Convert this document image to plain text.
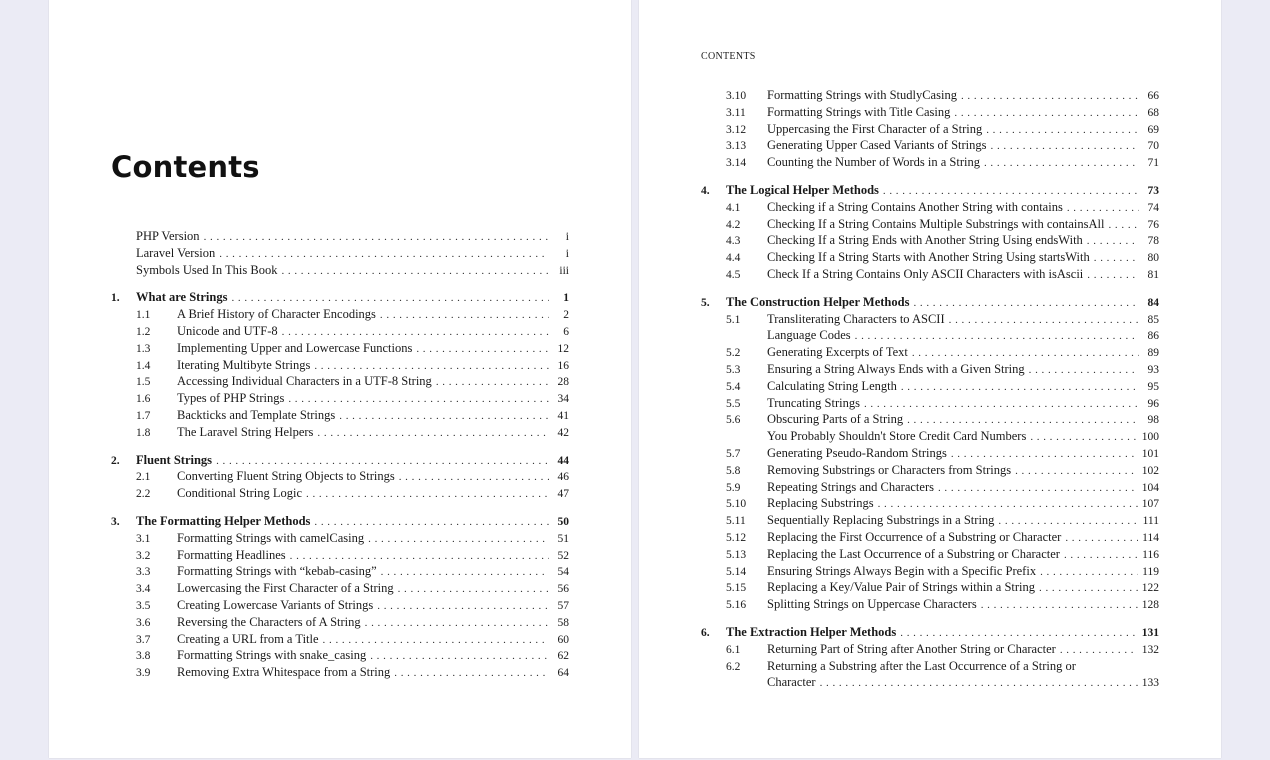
Contents
PHP Version .....	i
Laravel Version .....	i
Symbols Used In This Book .....	iii
1.	What are Strings .....	1
1.1	A Brief History of Character Encodings .....	2
1.2	Unicode and UTF-8 .....	6
1.3	Implementing Upper and Lowercase Functions .....	12
1.4	Iterating Multibyte Strings .....	16
1.5	Accessing Individual Characters in a UTF-8 String .....	28
1.6	Types of PHP Strings .....	34
1.7	Backticks and Template Strings .....	41
1.8	The Laravel String Helpers .....	42
2.	Fluent Strings .....	44
2.1	Converting Fluent String Objects to Strings .....	46
2.2	Conditional String Logic .....	47
3.	The Formatting Helper Methods .....	50
3.1	Formatting Strings with camelCasing .....	51
3.2	Formatting Headlines .....	52
3.3	Formatting Strings with “kebab-casing” .....	54
3.4	Lowercasing the First Character of a String .....	56
3.5	Creating Lowercase Variants of Strings .....	57
3.6	Reversing the Characters of A String .....	58
3.7	Creating a URL from a Title .....	60
3.8	Formatting Strings with snake_casing .....	62
3.9	Removing Extra Whitespace from a String .....	64
CONTENTS
3.10	Formatting Strings with StudlyCasing .....	66
3.11	Formatting Strings with Title Casing .....	68
3.12	Uppercasing the First Character of a String .....	69
3.13	Generating Upper Cased Variants of Strings .....	70
3.14	Counting the Number of Words in a String .....	71
4.	The Logical Helper Methods .....	73
4.1	Checking if a String Contains Another String with contains .....	74
4.2	Checking If a String Contains Multiple Substrings with containsAll .....	76
4.3	Checking If a String Ends with Another String Using endsWith .....	78
4.4	Checking If a String Starts with Another String Using startsWith .....	80
4.5	Check If a String Contains Only ASCII Characters with isAscii .....	81
5.	The Construction Helper Methods .....	84
5.1	Transliterating Characters to ASCII .....	85
Language Codes .....	86
5.2	Generating Excerpts of Text .....	89
5.3	Ensuring a String Always Ends with a Given String .....	93
5.4	Calculating String Length .....	95
5.5	Truncating Strings .....	96
5.6	Obscuring Parts of a String .....	98
You Probably Shouldn't Store Credit Card Numbers .....	100
5.7	Generating Pseudo-Random Strings .....	101
5.8	Removing Substrings or Characters from Strings .....	102
5.9	Repeating Strings and Characters .....	104
5.10	Replacing Substrings .....	107
5.11	Sequentially Replacing Substrings in a String .....	111
5.12	Replacing the First Occurrence of a Substring or Character .....	114
5.13	Replacing the Last Occurrence of a Substring or Character .....	116
5.14	Ensuring Strings Always Begin with a Specific Prefix .....	119
5.15	Replacing a Key/Value Pair of Strings within a String .....	122
5.16	Splitting Strings on Uppercase Characters .....	128
6.	The Extraction Helper Methods .....	131
6.1	Returning Part of String after Another String or Character .....	132
6.2	Returning a Substring after the Last Occurrence of a String or
Character .....	133
